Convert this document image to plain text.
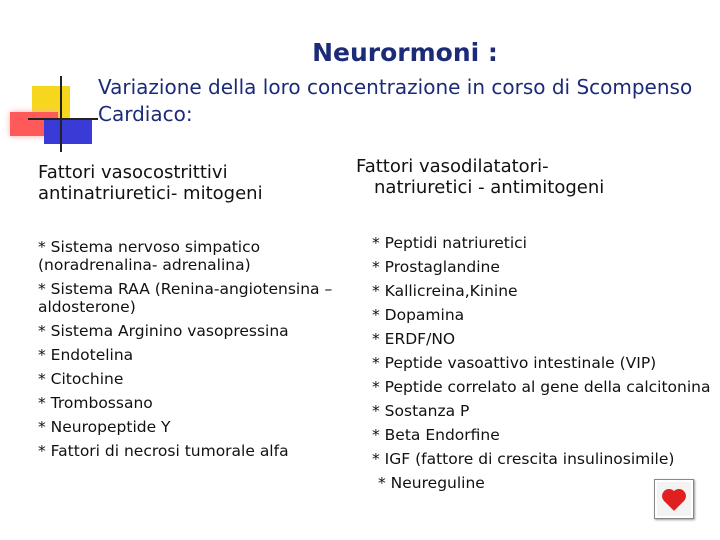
Neurormoni :
Variazione della loro concentrazione in corso di Scompenso Cardiaco:
Fattori vasocostrittivi antinatriuretici- mitogeni
Fattori vasodilatatori-
natriuretici - antimitogeni
* Sistema nervoso simpatico (noradrenalina- adrenalina)
* Sistema RAA (Renina-angiotensina –aldosterone)
* Sistema Arginino vasopressina
* Endotelina
* Citochine
* Trombossano
* Neuropeptide Y
* Fattori di necrosi tumorale alfa
* Peptidi natriuretici
* Prostaglandine
* Kallicreina,Kinine
* Dopamina
* ERDF/NO
* Peptide vasoattivo intestinale (VIP)
* Peptide correlato al gene della calcitonina
* Sostanza P
* Beta Endorfine
* IGF (fattore di crescita insulinosimile)
* Neureguline
